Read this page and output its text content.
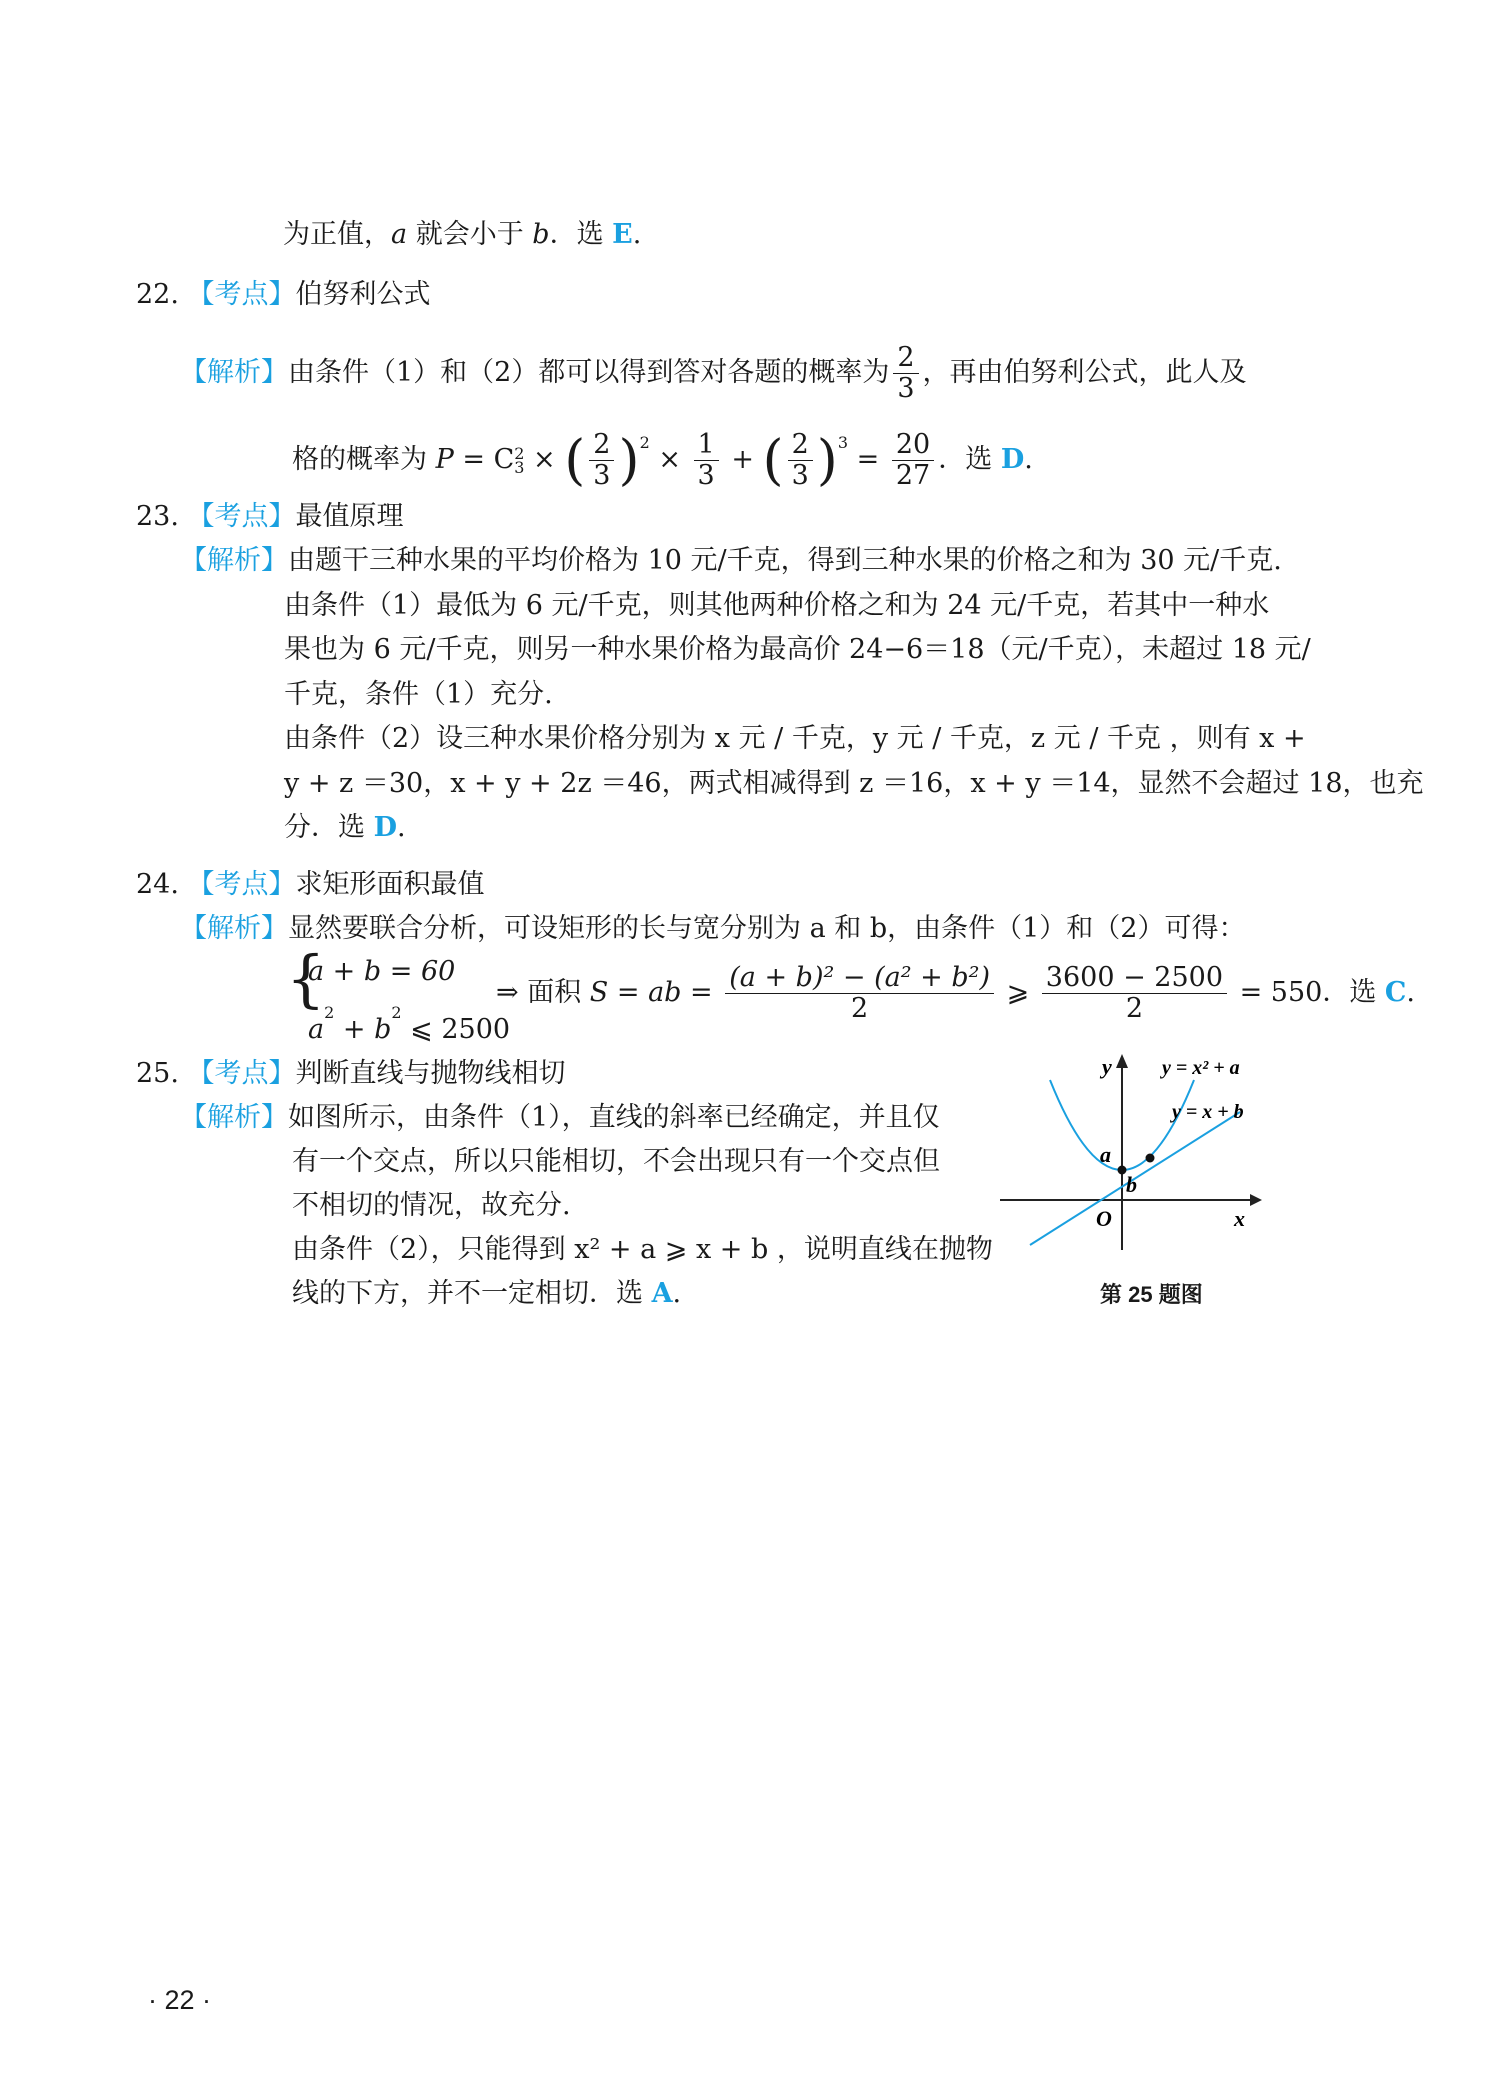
为正值，a 就会小于 b．选 E.
22. 【考点】伯努利公式
【解析】由条件（1）和（2）都可以得到答对各题的概率为 $\frac{2}{3}$ ，再由伯努利公式，此人及
格的概率为 P = C 2
3 × ( $\frac{2}{3} )^2 \times \frac{1}{3}$ + ( $\frac{2}{3} )^3 = \frac{20}{27}$ ．选 D.
23. 【考点】最值原理
【解析】由题干三种水果的平均价格为 10 元/千克，得到三种水果的价格之和为 30 元/千克.
由条件（1）最低为 6 元/千克，则其他两种价格之和为 24 元/千克，若其中一种水
果也为 6 元/千克，则另一种水果价格为最高价 24−6＝18（元/千克），未超过 18 元/
千克，条件（1）充分.
由条件（2）设三种水果价格分别为 x 元 / 千克，y 元 / 千克，z 元 / 千克 ，则有 x +
y + z ＝30，x + y + 2z ＝46，两式相减得到 z ＝16，x + y ＝14，显然不会超过 18，也充
分．选 D.
24. 【考点】求矩形面积最值
【解析】显然要联合分析，可设矩形的长与宽分别为 a 和 b，由条件（1）和（2）可得：
{
a + b = 60
$a^2 + b^2$ ⩽ 2500
⇒ 面积 S = ab = $\frac{\text{(a + b)² − (a² + b²)}}{2}$ ⩾ $\frac{3600 - 2500}{2} = 550$．选 C.
25. 【考点】判断直线与抛物线相切
【解析】如图所示，由条件（1），直线的斜率已经确定，并且仅
有一个交点，所以只能相切，不会出现只有一个交点但
不相切的情况，故充分.
由条件（2），只能得到 x² + a ⩾ x + b ，说明直线在抛物
线的下方，并不一定相切．选 A.
y
x
O
a
b
y = x² + a
y = x + b
第 25 题图
· 22 ·
